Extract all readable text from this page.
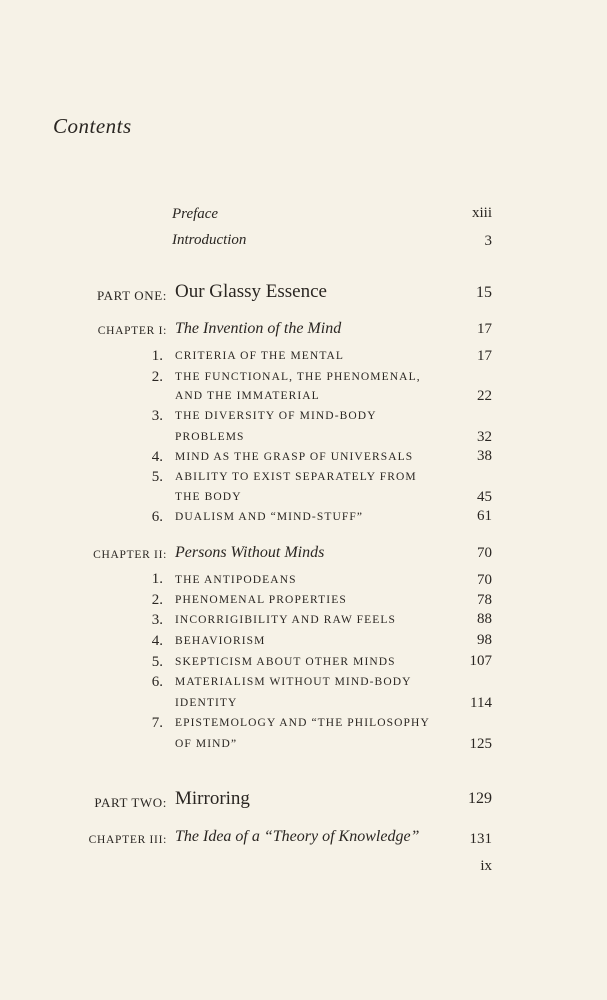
Contents
Preface	xiii
Introduction	3
PART ONE: Our Glassy Essence	15
CHAPTER I: The Invention of the Mind	17
1. CRITERIA OF THE MENTAL	17
2. THE FUNCTIONAL, THE PHENOMENAL,
AND THE IMMATERIAL	22
3. THE DIVERSITY OF MIND-BODY
PROBLEMS	32
4. MIND AS THE GRASP OF UNIVERSALS	38
5. ABILITY TO EXIST SEPARATELY FROM
THE BODY	45
6. DUALISM AND “MIND-STUFF”	61
CHAPTER II: Persons Without Minds	70
1. THE ANTIPODEANS	70
2. PHENOMENAL PROPERTIES	78
3. INCORRIGIBILITY AND RAW FEELS	88
4. BEHAVIORISM	98
5. SKEPTICISM ABOUT OTHER MINDS	107
6. MATERIALISM WITHOUT MIND-BODY
IDENTITY	114
7. EPISTEMOLOGY AND “THE PHILOSOPHY
OF MIND”	125
PART TWO: Mirroring	129
CHAPTER III: The Idea of a “Theory of Knowledge”	131
ix
